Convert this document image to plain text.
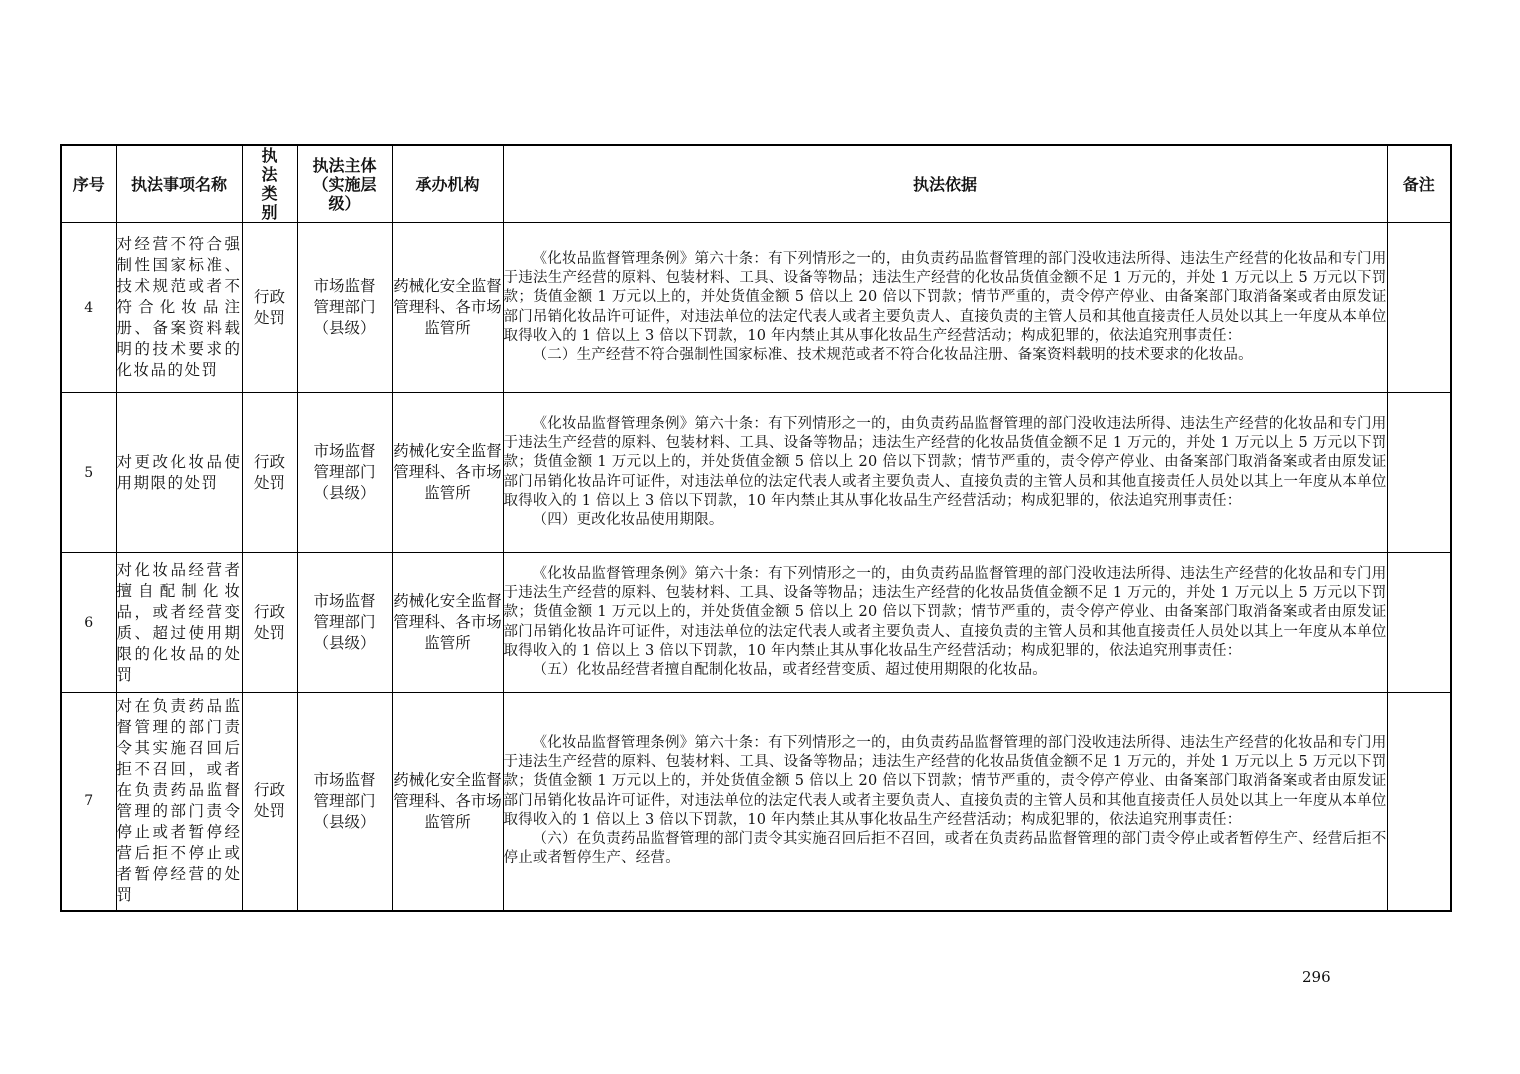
序号	执法事项名称	执法类别	执法主体（实施层级）	承办机构	执法依据	备注
4	对经营不符合强制性国家标准、技术规范或者不符合化妆品注册、备案资料载明的技术要求的化妆品的处罚	行政处罚	市场监督管理部门（县级）	药械化安全监督管理科、各市场监管所	《化妆品监督管理条例》第六十条：有下列情形之一的，由负责药品监督管理的部门没收违法所得、违法生产经营的化妆品和专门用于违法生产经营的原料、包装材料、工具、设备等物品；违法生产经营的化妆品货值金额不足 1 万元的，并处 1 万元以上 5 万元以下罚款；货值金额 1 万元以上的，并处货值金额 5 倍以上 20 倍以下罚款；情节严重的，责令停产停业、由备案部门取消备案或者由原发证部门吊销化妆品许可证件，对违法单位的法定代表人或者主要负责人、直接负责的主管人员和其他直接责任人员处以其上一年度从本单位取得收入的 1 倍以上 3 倍以下罚款，10 年内禁止其从事化妆品生产经营活动；构成犯罪的，依法追究刑事责任：

（二）生产经营不符合强制性国家标准、技术规范或者不符合化妆品注册、备案资料载明的技术要求的化妆品。	

5	对更改化妆品使用期限的处罚	行政处罚	市场监督管理部门（县级）	药械化安全监督管理科、各市场监管所	《化妆品监督管理条例》第六十条：有下列情形之一的，由负责药品监督管理的部门没收违法所得、违法生产经营的化妆品和专门用于违法生产经营的原料、包装材料、工具、设备等物品；违法生产经营的化妆品货值金额不足 1 万元的，并处 1 万元以上 5 万元以下罚款；货值金额 1 万元以上的，并处货值金额 5 倍以上 20 倍以下罚款；情节严重的，责令停产停业、由备案部门取消备案或者由原发证部门吊销化妆品许可证件，对违法单位的法定代表人或者主要负责人、直接负责的主管人员和其他直接责任人员处以其上一年度从本单位取得收入的 1 倍以上 3 倍以下罚款，10 年内禁止其从事化妆品生产经营活动；构成犯罪的，依法追究刑事责任：

（四）更改化妆品使用期限。	

6	对化妆品经营者擅自配制化妆品，或者经营变质、超过使用期限的化妆品的处罚	行政处罚	市场监督管理部门（县级）	药械化安全监督管理科、各市场监管所	《化妆品监督管理条例》第六十条：有下列情形之一的，由负责药品监督管理的部门没收违法所得、违法生产经营的化妆品和专门用于违法生产经营的原料、包装材料、工具、设备等物品；违法生产经营的化妆品货值金额不足 1 万元的，并处 1 万元以上 5 万元以下罚款；货值金额 1 万元以上的，并处货值金额 5 倍以上 20 倍以下罚款；情节严重的，责令停产停业、由备案部门取消备案或者由原发证部门吊销化妆品许可证件，对违法单位的法定代表人或者主要负责人、直接负责的主管人员和其他直接责任人员处以其上一年度从本单位取得收入的 1 倍以上 3 倍以下罚款，10 年内禁止其从事化妆品生产经营活动；构成犯罪的，依法追究刑事责任：

（五）化妆品经营者擅自配制化妆品，或者经营变质、超过使用期限的化妆品。	

7	对在负责药品监督管理的部门责令其实施召回后拒不召回，或者在负责药品监督管理的部门责令停止或者暂停经营后拒不停止或者暂停经营的处罚	行政处罚	市场监督管理部门（县级）	药械化安全监督管理科、各市场监管所	《化妆品监督管理条例》第六十条：有下列情形之一的，由负责药品监督管理的部门没收违法所得、违法生产经营的化妆品和专门用于违法生产经营的原料、包装材料、工具、设备等物品；违法生产经营的化妆品货值金额不足 1 万元的，并处 1 万元以上 5 万元以下罚款；货值金额 1 万元以上的，并处货值金额 5 倍以上 20 倍以下罚款；情节严重的，责令停产停业、由备案部门取消备案或者由原发证部门吊销化妆品许可证件，对违法单位的法定代表人或者主要负责人、直接负责的主管人员和其他直接责任人员处以其上一年度从本单位取得收入的 1 倍以上 3 倍以下罚款，10 年内禁止其从事化妆品生产经营活动；构成犯罪的，依法追究刑事责任：

（六）在负责药品监督管理的部门责令其实施召回后拒不召回，或者在负责药品监督管理的部门责令停止或者暂停生产、经营后拒不停止或者暂停生产、经营。	

296
